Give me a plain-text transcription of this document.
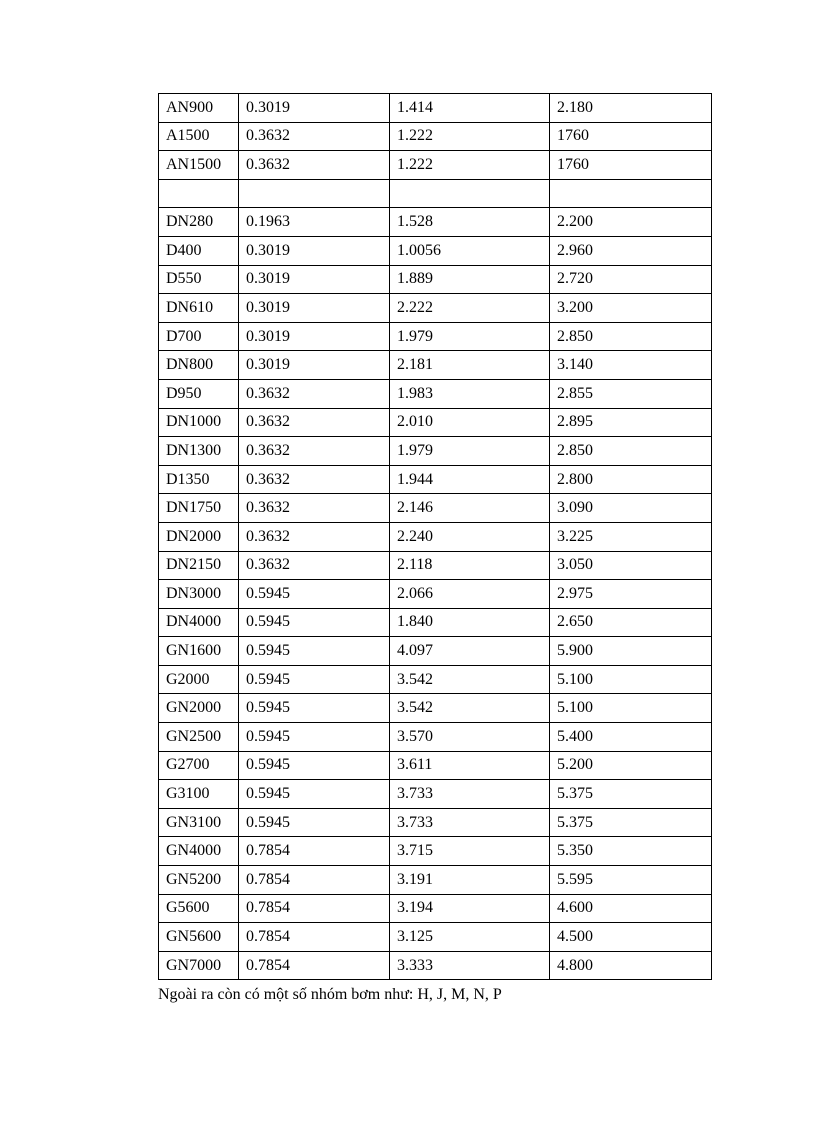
AN900	0.3019	1.414	2.180
A1500	0.3632	1.222	1760
AN1500	0.3632	1.222	1760

DN280	0.1963	1.528	2.200
D400	0.3019	1.0056	2.960
D550	0.3019	1.889	2.720
DN610	0.3019	2.222	3.200
D700	0.3019	1.979	2.850
DN800	0.3019	2.181	3.140
D950	0.3632	1.983	2.855
DN1000	0.3632	2.010	2.895
DN1300	0.3632	1.979	2.850
D1350	0.3632	1.944	2.800
DN1750	0.3632	2.146	3.090
DN2000	0.3632	2.240	3.225
DN2150	0.3632	2.118	3.050
DN3000	0.5945	2.066	2.975
DN4000	0.5945	1.840	2.650
GN1600	0.5945	4.097	5.900
G2000	0.5945	3.542	5.100
GN2000	0.5945	3.542	5.100
GN2500	0.5945	3.570	5.400
G2700	0.5945	3.611	5.200
G3100	0.5945	3.733	5.375
GN3100	0.5945	3.733	5.375
GN4000	0.7854	3.715	5.350
GN5200	0.7854	3.191	5.595
G5600	0.7854	3.194	4.600
GN5600	0.7854	3.125	4.500
GN7000	0.7854	3.333	4.800
Ngoài ra còn có một số nhóm bơm như: H, J, M, N, P
